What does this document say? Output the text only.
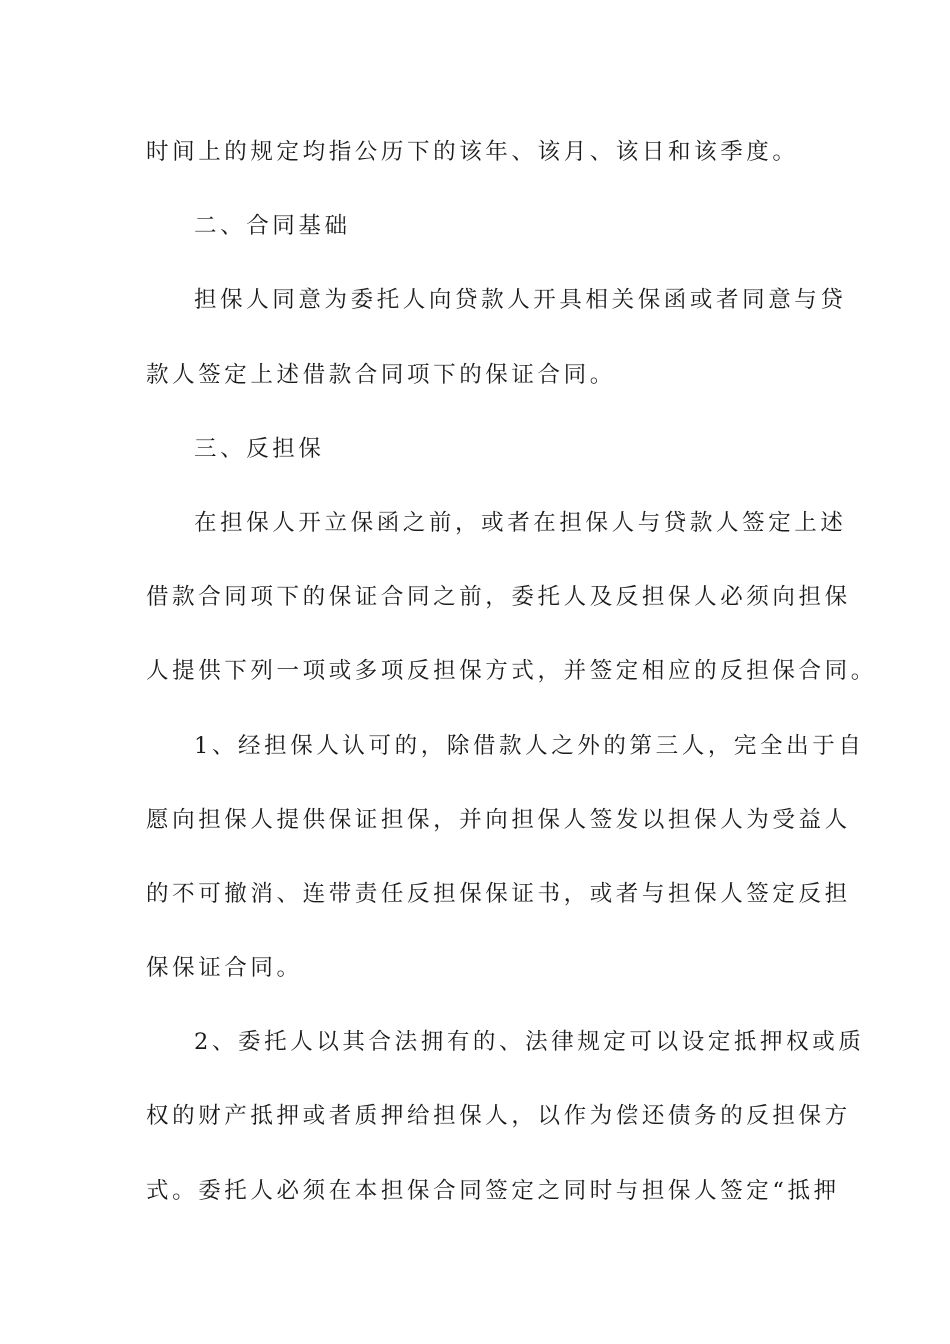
时间上的规定均指公历下的该年、该月、该日和该季度。
二、合同基础
担保人同意为委托人向贷款人开具相关保函或者同意与贷
款人签定上述借款合同项下的保证合同。
三、反担保
在担保人开立保函之前，或者在担保人与贷款人签定上述
借款合同项下的保证合同之前，委托人及反担保人必须向担保
人提供下列一项或多项反担保方式，并签定相应的反担保合同。
1、经担保人认可的，除借款人之外的第三人，完全出于自
愿向担保人提供保证担保，并向担保人签发以担保人为受益人
的不可撤消、连带责任反担保保证书，或者与担保人签定反担
保保证合同。
2、委托人以其合法拥有的、法律规定可以设定抵押权或质
权的财产抵押或者质押给担保人，以作为偿还债务的反担保方
式。委托人必须在本担保合同签定之同时与担保人签定“抵押
